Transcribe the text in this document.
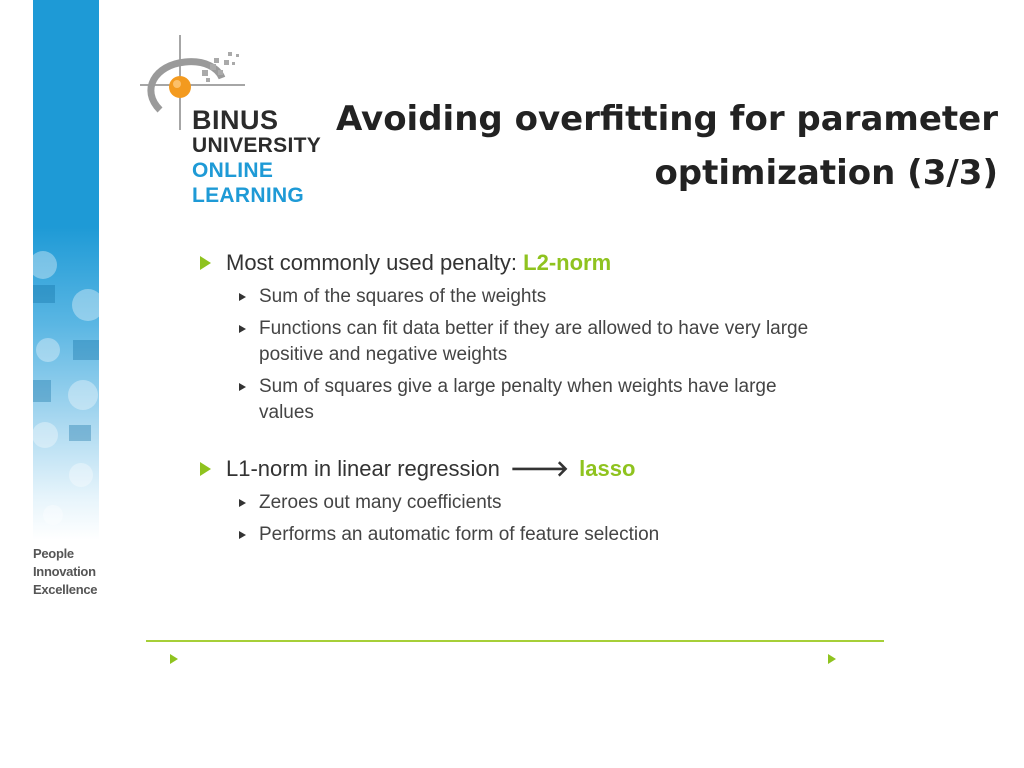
People
Innovation
Excellence
BINUS
UNIVERSITY
ONLINE
LEARNING
Avoiding overfitting for parameter
optimization (3/3)
Most commonly used penalty: L2-norm
Sum of the squares of the weights
Functions can fit data better if they are allowed to have very large positive and negative weights
Sum of squares give a large penalty when weights have large values
L1-norm in linear regression 🡒 lasso
Zeroes out many coefficients
Performs an automatic form of feature selection
